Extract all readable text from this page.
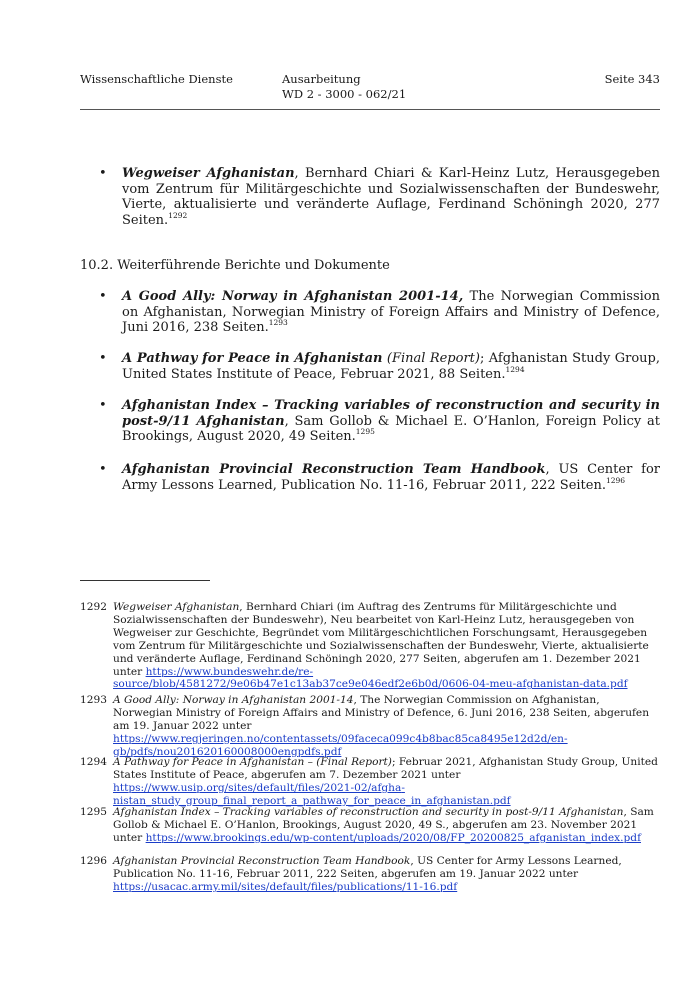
Wissenschaftliche Dienste	Ausarbeitung
WD 2 - 3000 - 062/21
Seite 343
• Wegweiser Afghanistan, Bernhard Chiari & Karl-Heinz Lutz, Herausgegeben vom Zentrum für Militärgeschichte und Sozialwissenschaften der Bundeswehr, Vierte, aktualisierte und veränderte Auflage, Ferdinand Schöningh 2020, 277 Seiten.$^{1292}$
10.2. Weiterführende Berichte und Dokumente
• A Good Ally: Norway in Afghanistan 2001-14, The Norwegian Commission on Afghanistan, Norwegian Ministry of Foreign Affairs and Ministry of Defence, Juni 2016, 238 Seiten.$^{1293}$
• A Pathway for Peace in Afghanistan (Final Report); Afghanistan Study Group, United States Institute of Peace, Februar 2021, 88 Seiten.$^{1294}$
• Afghanistan Index – Tracking variables of reconstruction and security in post-9/11 Afghanistan, Sam Gollob & Michael E. O’Hanlon, Foreign Policy at Brookings, August 2020, 49 Seiten.$^{1295}$
• Afghanistan Provincial Reconstruction Team Handbook, US Center for Army Lessons Learned, Publication No. 11-16, Februar 2011, 222 Seiten.$^{1296}$
1292 Wegweiser Afghanistan, Bernhard Chiari (im Auftrag des Zentrums für Militärgeschichte und Sozialwissenschaften der Bundeswehr), Neu bearbeitet von Karl-Heinz Lutz, herausgegeben von Wegweiser zur Geschichte, Begründet vom Militärgeschichtlichen Forschungsamt, Herausgegeben vom Zentrum für Militärgeschichte und Sozialwissenschaften der Bundeswehr, Vierte, aktualisierte und veränderte Auflage, Ferdinand Schöningh 2020, 277 Seiten, abgerufen am 1. Dezember 2021 unter https://www.bundeswehr.de/resource/blob/4581272/9e06b47e1c13ab37ce9e046edf2e6b0d/0606-04-meu-afghanistan-data.pdf
1293 A Good Ally: Norway in Afghanistan 2001-14, The Norwegian Commission on Afghanistan, Norwegian Ministry of Foreign Affairs and Ministry of Defence, 6. Juni 2016, 238 Seiten, abgerufen am 19. Januar 2022 unter https://www.regjeringen.no/contentassets/09faceca099c4b8bac85ca8495e12d2d/en-gb/pdfs/nou201620160008000engpdfs.pdf
1294 A Pathway for Peace in Afghanistan – (Final Report); Februar 2021, Afghanistan Study Group, United States Institute of Peace, abgerufen am 7. Dezember 2021 unter https://www.usip.org/sites/default/files/2021-02/afghanistan_study_group_final_report_a_pathway_for_peace_in_afghanistan.pdf
1295 Afghanistan Index – Tracking variables of reconstruction and security in post-9/11 Afghanistan, Sam Gollob & Michael E. O’Hanlon, Brookings, August 2020, 49 S., abgerufen am 23. November 2021 unter https://www.brookings.edu/wp-content/uploads/2020/08/FP_20200825_afganistan_index.pdf
1296 Afghanistan Provincial Reconstruction Team Handbook, US Center for Army Lessons Learned, Publication No. 11-16, Februar 2011, 222 Seiten, abgerufen am 19. Januar 2022 unter https://usacac.army.mil/sites/default/files/publications/11-16.pdf
